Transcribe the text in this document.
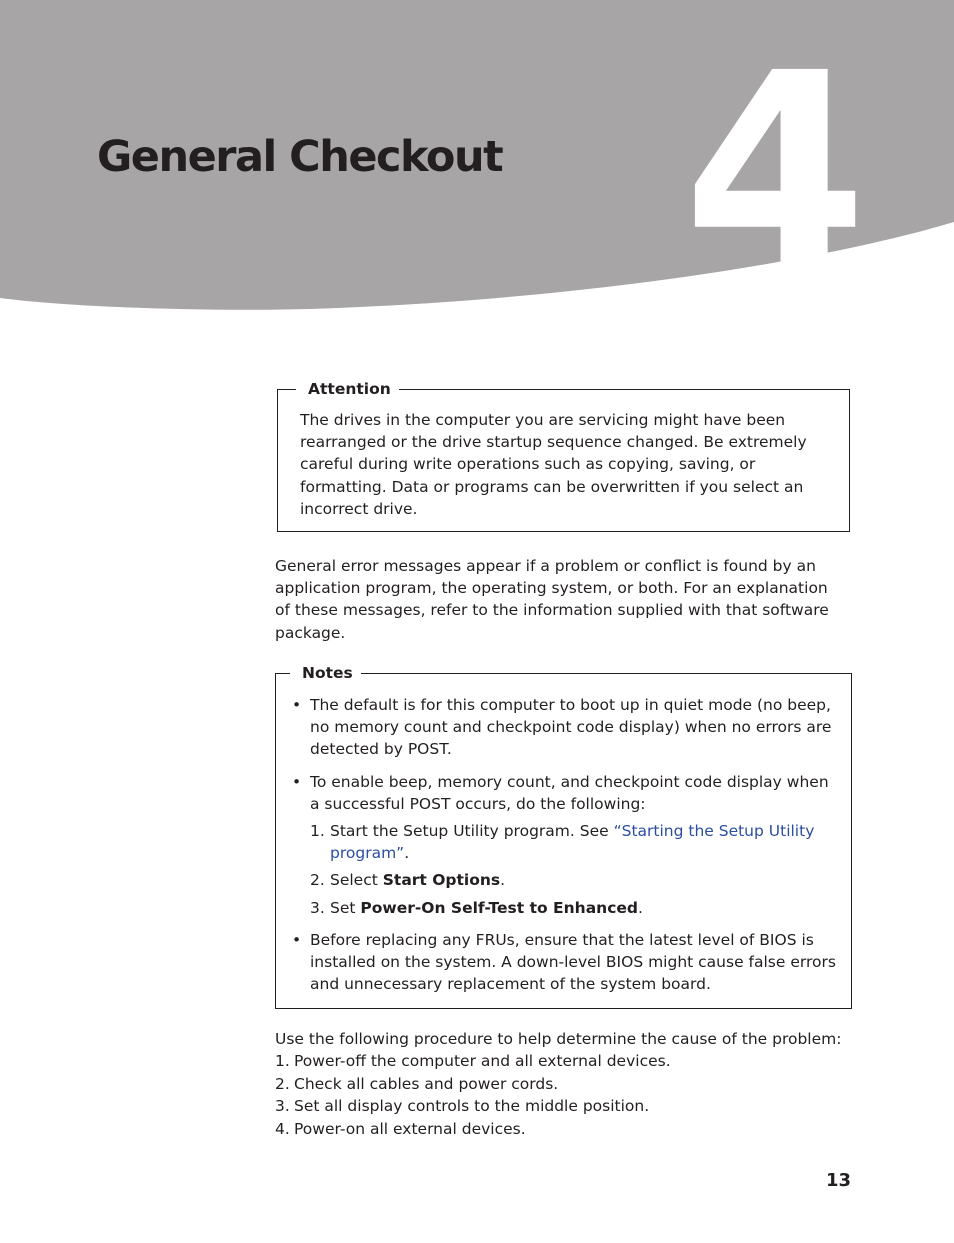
4
General Checkout
Attention
The drives in the computer you are servicing might have been rearranged or the drive startup sequence changed. Be extremely careful during write operations such as copying, saving, or formatting. Data or programs can be overwritten if you select an incorrect drive.
General error messages appear if a problem or conflict is found by an application program, the operating system, or both. For an explanation of these messages, refer to the information supplied with that software package.
Notes
• The default is for this computer to boot up in quiet mode (no beep, no memory count and checkpoint code display) when no errors are detected by POST.
• To enable beep, memory count, and checkpoint code display when a successful POST occurs, do the following:
1. Start the Setup Utility program. See “Starting the Setup Utility program”.
2. Select Start Options.
3. Set Power-On Self-Test to Enhanced.
• Before replacing any FRUs, ensure that the latest level of BIOS is installed on the system. A down-level BIOS might cause false errors and unnecessary replacement of the system board.
Use the following procedure to help determine the cause of the problem:
1. Power-off the computer and all external devices.
2. Check all cables and power cords.
3. Set all display controls to the middle position.
4. Power-on all external devices.
13
